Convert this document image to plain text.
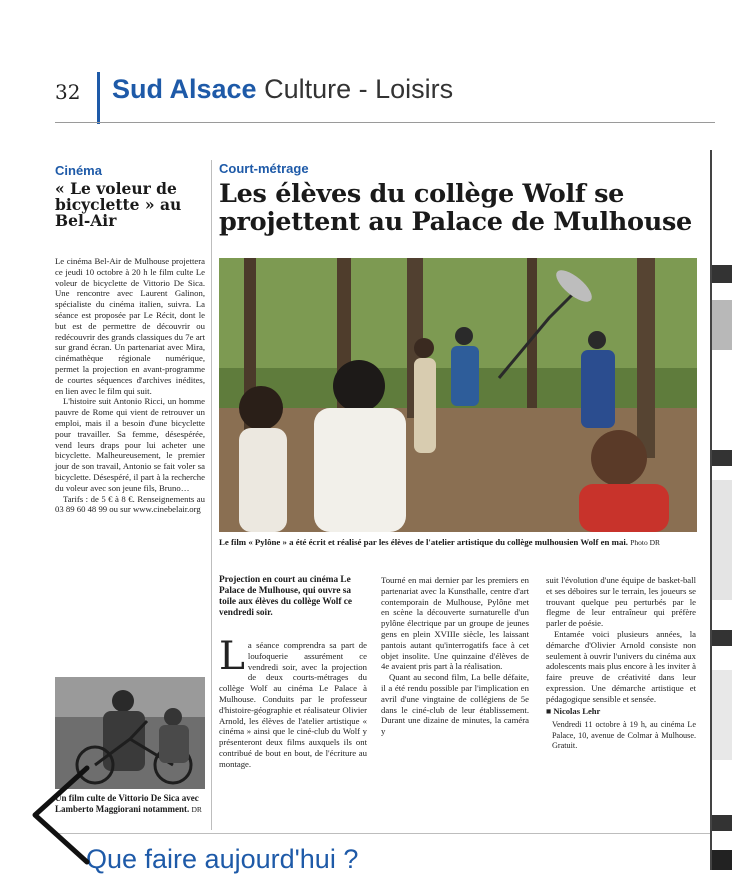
32 Sud Alsace Culture - Loisirs
Cinéma
« Le voleur de bicyclette » au Bel-Air

Le cinéma Bel-Air de Mulhouse projettera ce jeudi 10 octobre à 20 h le film culte Le voleur de bicyclette de Vittorio De Sica. Une rencontre avec Laurent Galinon, spécialiste du cinéma italien, suivra. La séance est proposée par Le Récit, dont le but est de permettre de découvrir ou redécouvrir des grands classiques du 7e art sur grand écran. Un partenariat avec Mira, cinémathèque régionale numérique, permet la projection en avant-programme de courtes séquences d'archives inédites, en lien avec le film qui suit.

L'histoire suit Antonio Ricci, un homme pauvre de Rome qui vient de retrouver un emploi, mais il a besoin d'une bicyclette pour travailler. Sa femme, désespérée, vend leurs draps pour lui acheter une bicyclette. Malheureusement, le premier jour de son travail, Antonio se fait voler sa bicyclette. Désespéré, il part à la recherche du voleur avec son jeune fils, Bruno…

Tarifs : de 5 € à 8 €. Renseignements au 03 89 60 48 99 ou sur www.cinebelair.org

Un film culte de Vittorio De Sica avec Lamberto Maggiorani notamment. DR
Court-métrage
Les élèves du collège Wolf se projettent au Palace de Mulhouse
Le film « Pylône » a été écrit et réalisé par les élèves de l'atelier artistique du collège mulhousien Wolf en mai. Photo DR
Projection en court au cinéma Le Palace de Mulhouse, qui ouvre sa toile aux élèves du collège Wolf ce vendredi soir.

La séance comprendra sa part de loufoquerie assurément ce vendredi soir, avec la projection de deux courts-métrages du collège Wolf au cinéma Le Palace à Mulhouse. Conduits par le professeur d'histoire-géographie et réalisateur Olivier Arnold, les élèves de l'atelier artistique « cinéma » ainsi que le ciné-club du Wolf y présenteront deux films auxquels ils ont contribué de bout en bout, de l'écriture au montage.

Tourné en mai dernier par les premiers en partenariat avec la Kunsthalle, centre d'art contemporain de Mulhouse, Pylône met en scène la découverte surnaturelle d'un pylône électrique par un groupe de jeunes gens en plein XVIIIe siècle, les laissant pantois autant qu'interrogatifs face à cet objet insolite. Une quinzaine d'élèves de 4e avaient pris part à la réalisation.

Quant au second film, La belle défaite, il a été rendu possible par l'implication en avril d'une vingtaine de collégiens de 5e dans le ciné-club de leur établissement. Durant une dizaine de minutes, la caméra y

suit l'évolution d'une équipe de basket-ball et ses déboires sur le terrain, les joueurs se trouvant quelque peu perturbés par le flegme de leur entraîneur qui préfère parler de poésie.

Entamée voici plusieurs années, la démarche d'Olivier Arnold consiste non seulement à ouvrir l'univers du cinéma aux adolescents mais plus encore à les inviter à faire preuve de créativité dans leur expression. Une démarche artistique et pédagogique sensible et sensée.

■ Nicolas Lehr
Vendredi 11 octobre à 19 h, au cinéma Le Palace, 10, avenue de Colmar à Mulhouse. Gratuit.
Que faire aujourd'hui ?
